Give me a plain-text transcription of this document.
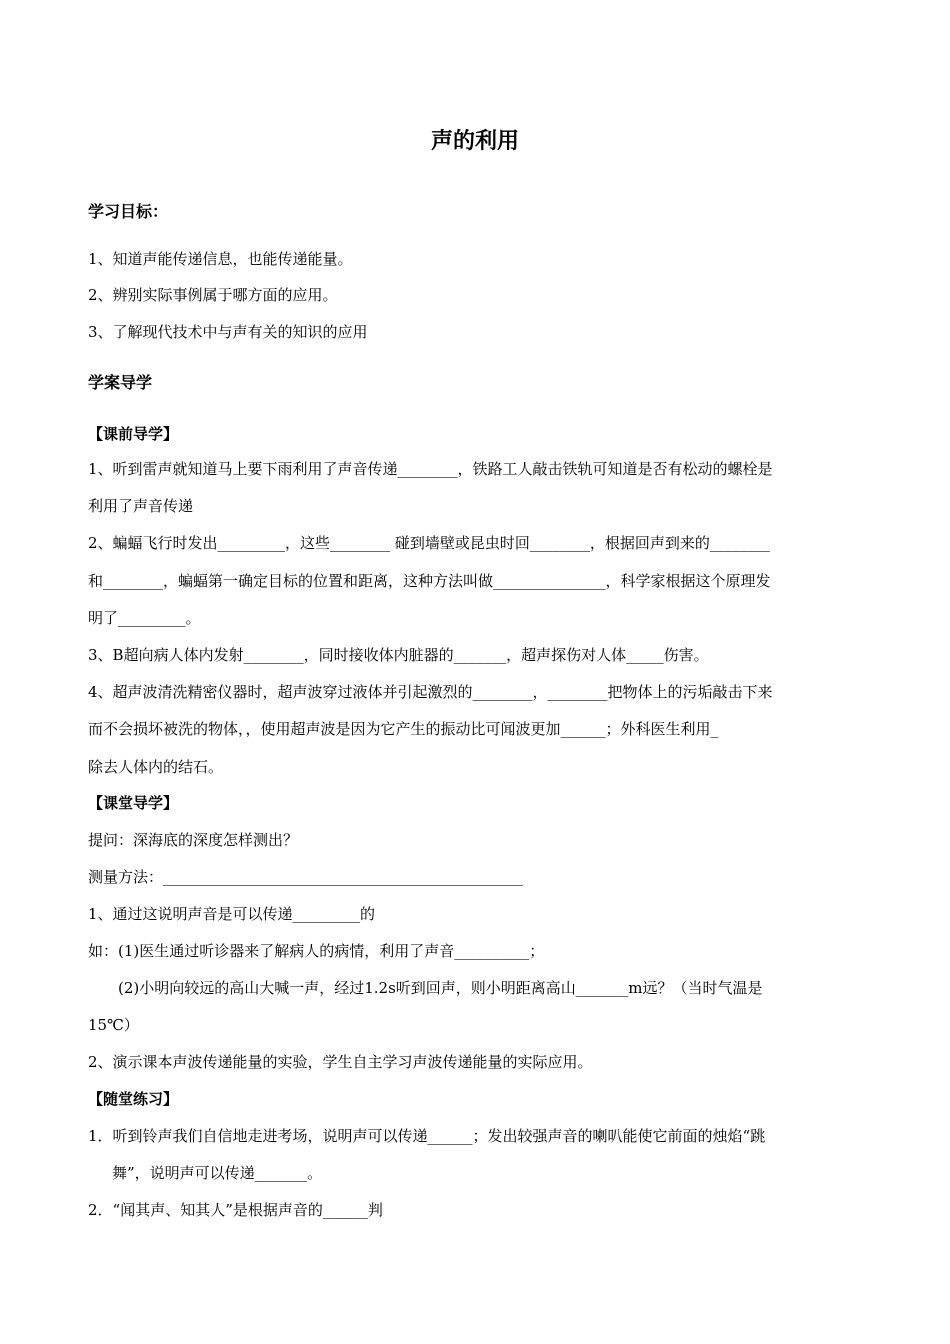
声的利用
学习目标：
1、知道声能传递信息，也能传递能量。
2、辨别实际事例属于哪方面的应用。
3、了解现代技术中与声有关的知识的应用
学案导学
【课前导学】
1、听到雷声就知道马上要下雨利用了声音传递________，铁路工人敲击铁轨可知道是否有松动的螺栓是
利用了声音传递
2、蝙蝠飞行时发出_________，这些________ 碰到墙壁或昆虫时回________，根据回声到来的________
和________，蝙蝠第一确定目标的位置和距离，这种方法叫做_______________，科学家根据这个原理发
明了_________。
3、B超向病人体内发射________，同时接收体内脏器的_______，超声探伤对人体_____伤害。
4、超声波清洗精密仪器时，超声波穿过液体并引起激烈的________，________把物体上的污垢敲击下来
而不会损坏被洗的物体，，使用超声波是因为它产生的振动比可闻波更加______；外科医生利用_
除去人体内的结石。
【课堂导学】
提问：深海底的深度怎样测出？
测量方法：________________________________________________
1、通过这说明声音是可以传递_________的
如：(1)医生通过听诊器来了解病人的病情，利用了声音__________；
(2)小明向较远的高山大喊一声，经过1.2s听到回声，则小明距离高山_______m远？（当时气温是
15℃）
2、演示课本声波传递能量的实验，学生自主学习声波传递能量的实际应用。
【随堂练习】
1．听到铃声我们自信地走进考场，说明声可以传递______；发出较强声音的喇叭能使它前面的烛焰“跳
舞”，说明声可以传递_______。
2．“闻其声、知其人”是根据声音的______判
